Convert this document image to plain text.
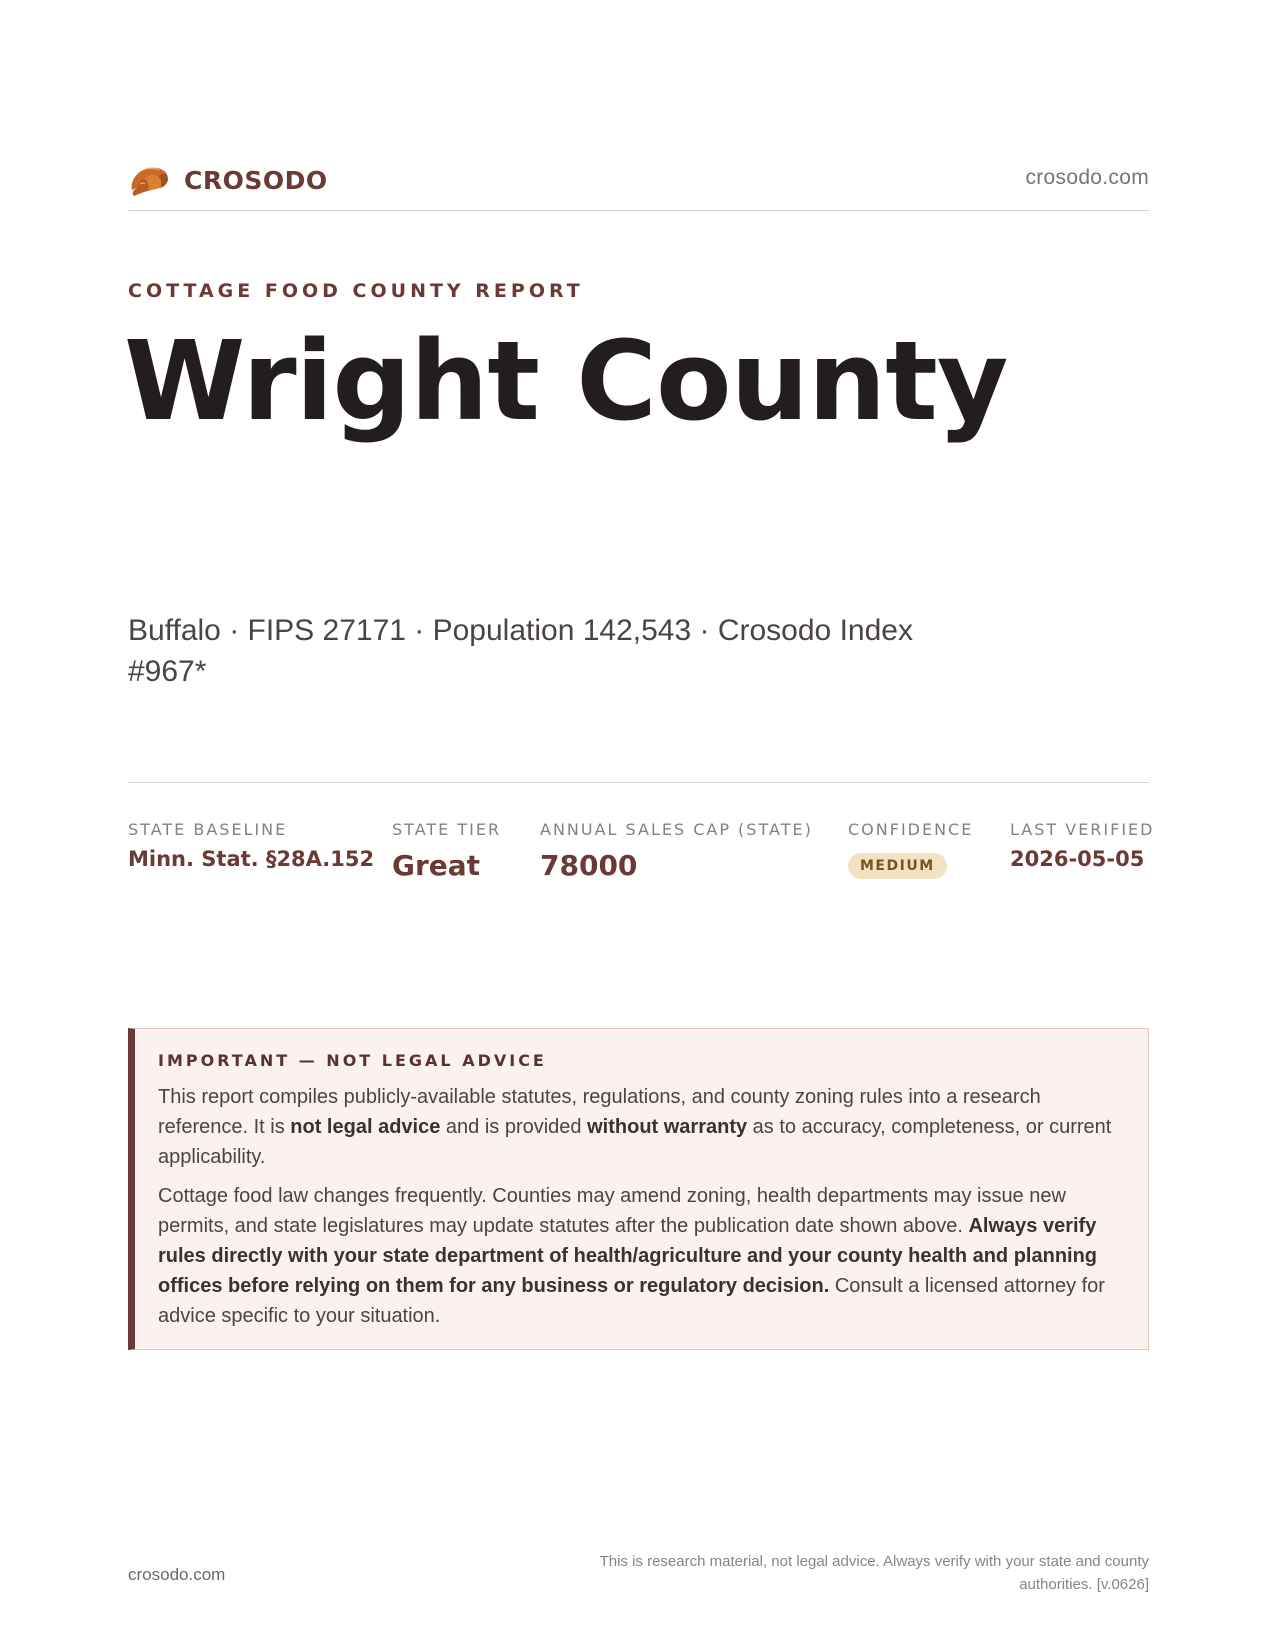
CROSODO	crosodo.com
COTTAGE FOOD COUNTY REPORT
Wright County
Buffalo · FIPS 27171 · Population 142,543 · Crosodo Index #967*
STATE BASELINE
Minn. Stat. §28A.152
STATE TIER
Great
ANNUAL SALES CAP (STATE)
78000
CONFIDENCE
MEDIUM
LAST VERIFIED
2026-05-05
IMPORTANT — NOT LEGAL ADVICE

This report compiles publicly-available statutes, regulations, and county zoning rules into a research reference. It is not legal advice and is provided without warranty as to accuracy, completeness, or current applicability.

Cottage food law changes frequently. Counties may amend zoning, health departments may issue new permits, and state legislatures may update statutes after the publication date shown above. Always verify rules directly with your state department of health/agriculture and your county health and planning offices before relying on them for any business or regulatory decision. Consult a licensed attorney for advice specific to your situation.

crosodo.com
This is research material, not legal advice. Always verify with your state and county authorities. [v.0626]
